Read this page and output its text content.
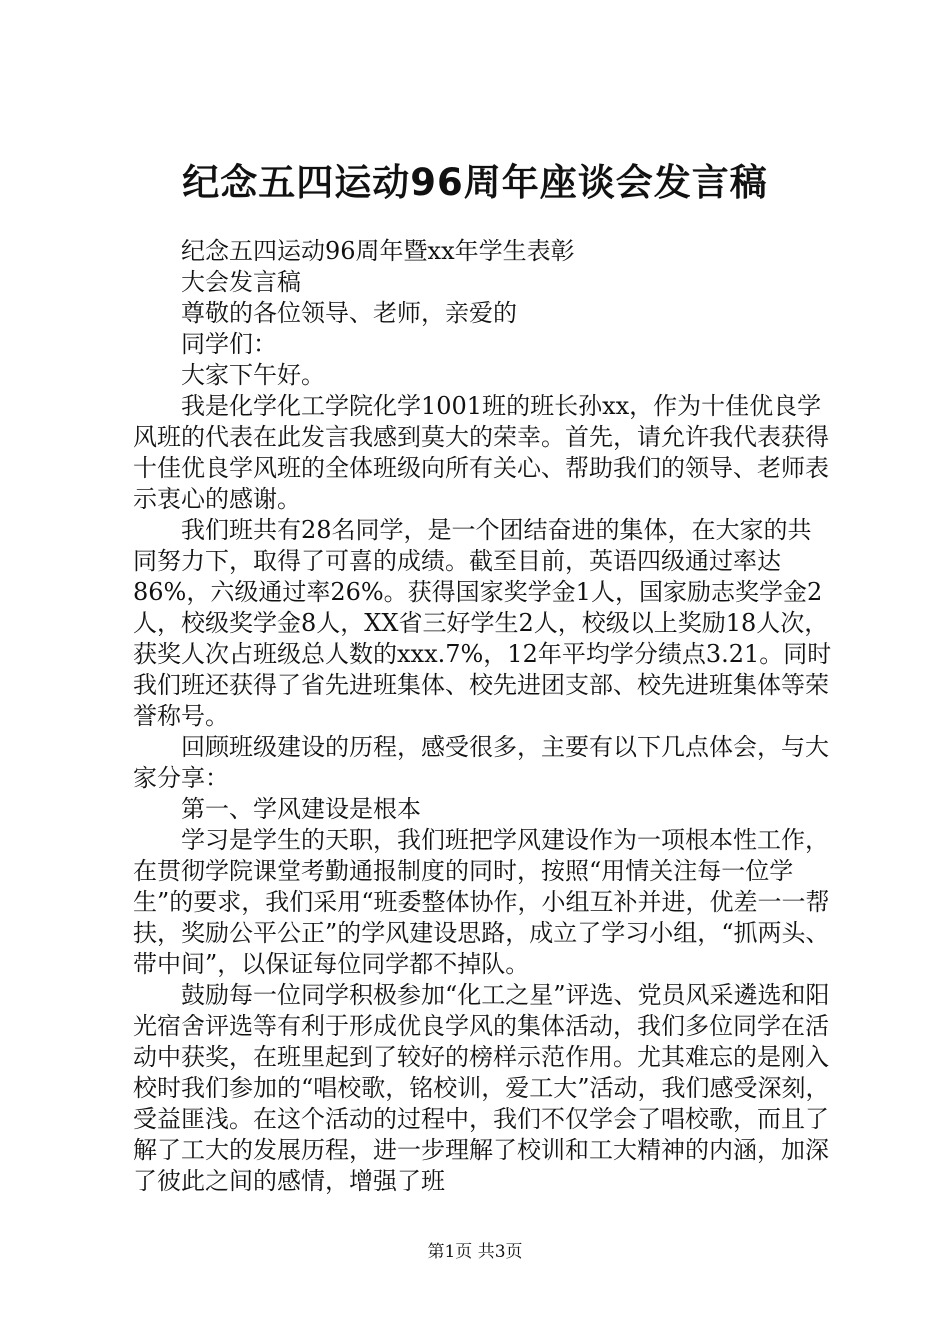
纪念五四运动96周年座谈会发言稿

纪念五四运动96周年暨xx年学生表彰

大会发言稿

尊敬的各位领导、老师，亲爱的

同学们：

大家下午好。

我是化学化工学院化学1001班的班长孙xx，作为十佳优良学风班的代表在此发言我感到莫大的荣幸。首先，请允许我代表获得十佳优良学风班的全体班级向所有关心、帮助我们的领导、老师表示衷心的感谢。

我们班共有28名同学，是一个团结奋进的集体，在大家的共同努力下，取得了可喜的成绩。截至目前，英语四级通过率达86%，六级通过率26%。获得国家奖学金1人，国家励志奖学金2人，校级奖学金8人，XX省三好学生2人，校级以上奖励18人次，获奖人次占班级总人数的xxx.7%，12年平均学分绩点3.21。同时我们班还获得了省先进班集体、校先进团支部、校先进班集体等荣誉称号。

回顾班级建设的历程，感受很多，主要有以下几点体会，与大家分享：

第一、学风建设是根本

学习是学生的天职，我们班把学风建设作为一项根本性工作，在贯彻学院课堂考勤通报制度的同时，按照“用情关注每一位学生”的要求，我们采用“班委整体协作，小组互补并进，优差一一帮扶，奖励公平公正”的学风建设思路，成立了学习小组，“抓两头、带中间”，以保证每位同学都不掉队。

鼓励每一位同学积极参加“化工之星”评选、党员风采遴选和阳光宿舍评选等有利于形成优良学风的集体活动，我们多位同学在活动中获奖，在班里起到了较好的榜样示范作用。尤其难忘的是刚入校时我们参加的“唱校歌，铭校训，爱工大”活动，我们感受深刻，受益匪浅。在这个活动的过程中，我们不仅学会了唱校歌，而且了解了工大的发展历程，进一步理解了校训和工大精神的内涵，加深了彼此之间的感情，增强了班

第1页 共3页
